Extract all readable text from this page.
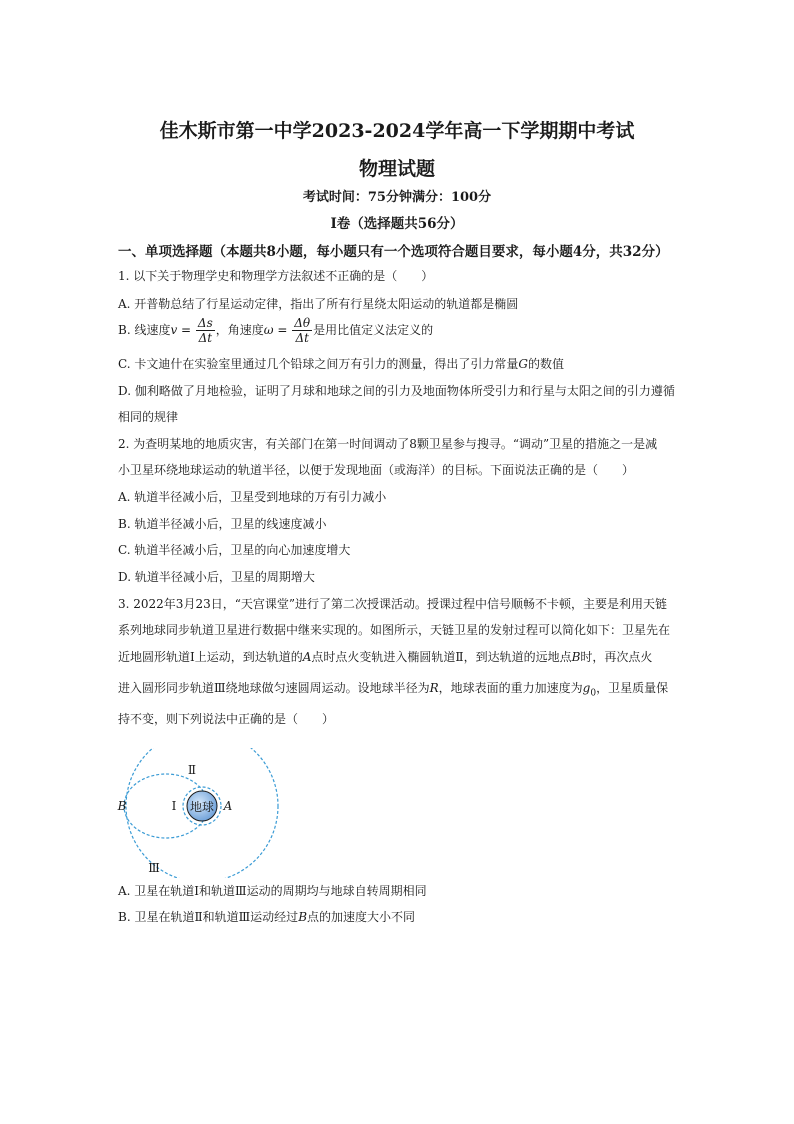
佳木斯市第一中学2023-2024学年高一下学期期中考试
物理试题
考试时间：75分钟满分：100分
Ⅰ卷（选择题共56分）
一、单项选择题（本题共8小题，每小题只有一个选项符合题目要求，每小题4分，共32分）
1. 以下关于物理学史和物理学方法叙述不正确的是（　　）
A. 开普勒总结了行星运动定律，指出了所有行星绕太阳运动的轨道都是椭圆
B. 线速度$v = \frac{\Delta s}{\Delta t}$ ，角速度$\omega = \frac{\Delta\theta}{\Delta t}$ 是用比值定义法定义的
C. 卡文迪什在实验室里通过几个铅球之间万有引力的测量，得出了引力常量G的数值
D. 伽利略做了月地检验，证明了月球和地球之间的引力及地面物体所受引力和行星与太阳之间的引力遵循
相同的规律
2. 为查明某地的地质灾害，有关部门在第一时间调动了8颗卫星参与搜寻。“调动”卫星的措施之一是减
小卫星环绕地球运动的轨道半径，以便于发现地面（或海洋）的目标。下面说法正确的是（　　）
A. 轨道半径减小后，卫星受到地球的万有引力减小
B. 轨道半径减小后，卫星的线速度减小
C. 轨道半径减小后，卫星的向心加速度增大
D. 轨道半径减小后，卫星的周期增大
3. 2022年3月23日，“天宫课堂”进行了第二次授课活动。授课过程中信号顺畅不卡顿，主要是利用天链
系列地球同步轨道卫星进行数据中继来实现的。如图所示，天链卫星的发射过程可以简化如下：卫星先在
近地圆形轨道Ⅰ上运动，到达轨道的A点时点火变轨进入椭圆轨道Ⅱ，到达轨道的远地点B时，再次点火
进入圆形同步轨道Ⅲ绕地球做匀速圆周运动。设地球半径为R，地球表面的重力加速度为$g_0$，卫星质量保
持不变，则下列说法中正确的是（　　）
地球
Ⅱ
Ⅰ
Ⅲ
B	A
A. 卫星在轨道Ⅰ和轨道Ⅲ运动的周期均与地球自转周期相同
B. 卫星在轨道Ⅱ和轨道Ⅲ运动经过B点的加速度大小不同
